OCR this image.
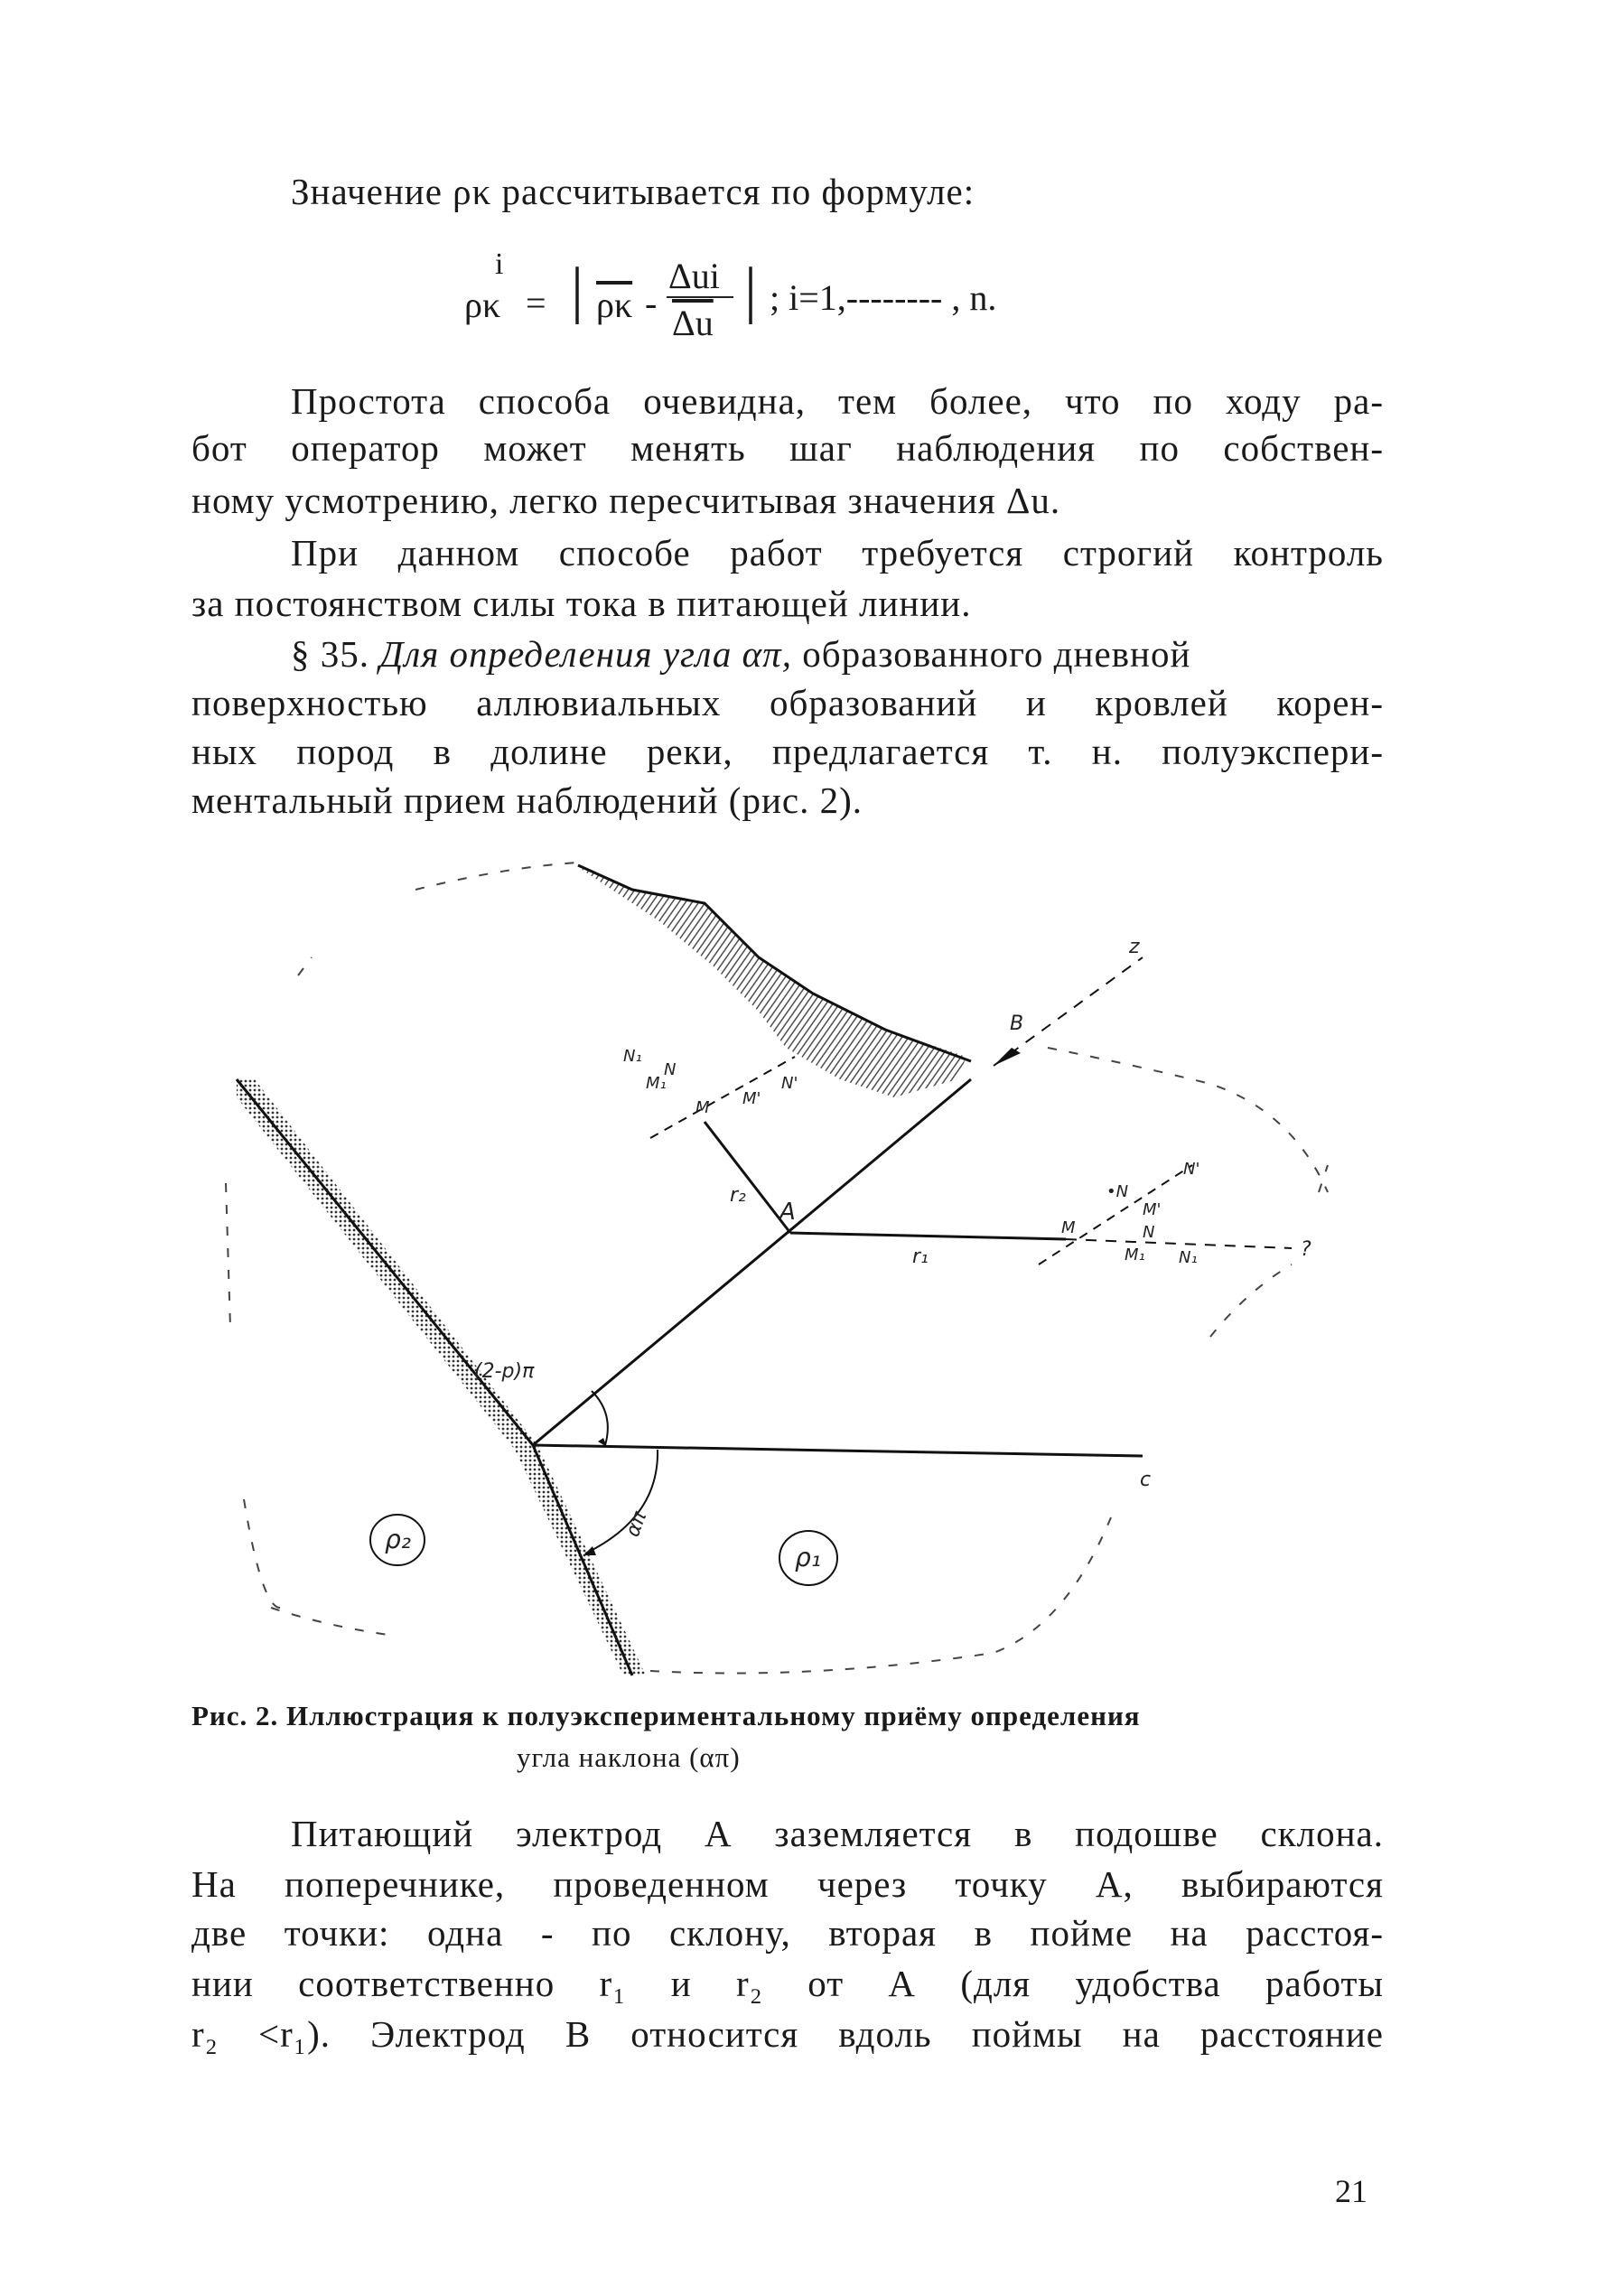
Значение ρκ рассчитывается по формуле:
ρκ
i
= | $\overline{\rho\kappa}$ -
Δui
$\overline{\Delta u}$ | ; i=1,-------- , n.
Простота способа очевидна, тем более, что по ходу ра-
бот оператор может менять шаг наблюдения по собствен-
ному усмотрению, легко пересчитывая значения Δu.
При данном способе работ требуется строгий контроль
за постоянством силы тока в питающей линии.
§ 35. Для определения угла απ, образованного дневной
поверхностью аллювиальных образований и кровлей корен-
ных пород в долине реки, предлагается т. н. полуэкспери-
ментальный прием наблюдений (рис. 2).
B
z
A
r₂
r₁	?
(2-p)π
απ
c
ρ₂
ρ₁
N₁
M₁
N
M M'
N'
N'
•N
M'
M	N
M₁ N₁
Рис. 2. Иллюстрация к полуэкспериментальному приёму определения
угла наклона (απ)
Питающий электрод А заземляется в подошве склона.
На поперечнике, проведенном через точку А, выбираются
две точки: одна - по склону, вторая в пойме на расстоя-
нии соответственно r₁ и r₂ от А (для удобства работы
r₂ <r₁). Электрод В относится вдоль поймы на расстояние
21
